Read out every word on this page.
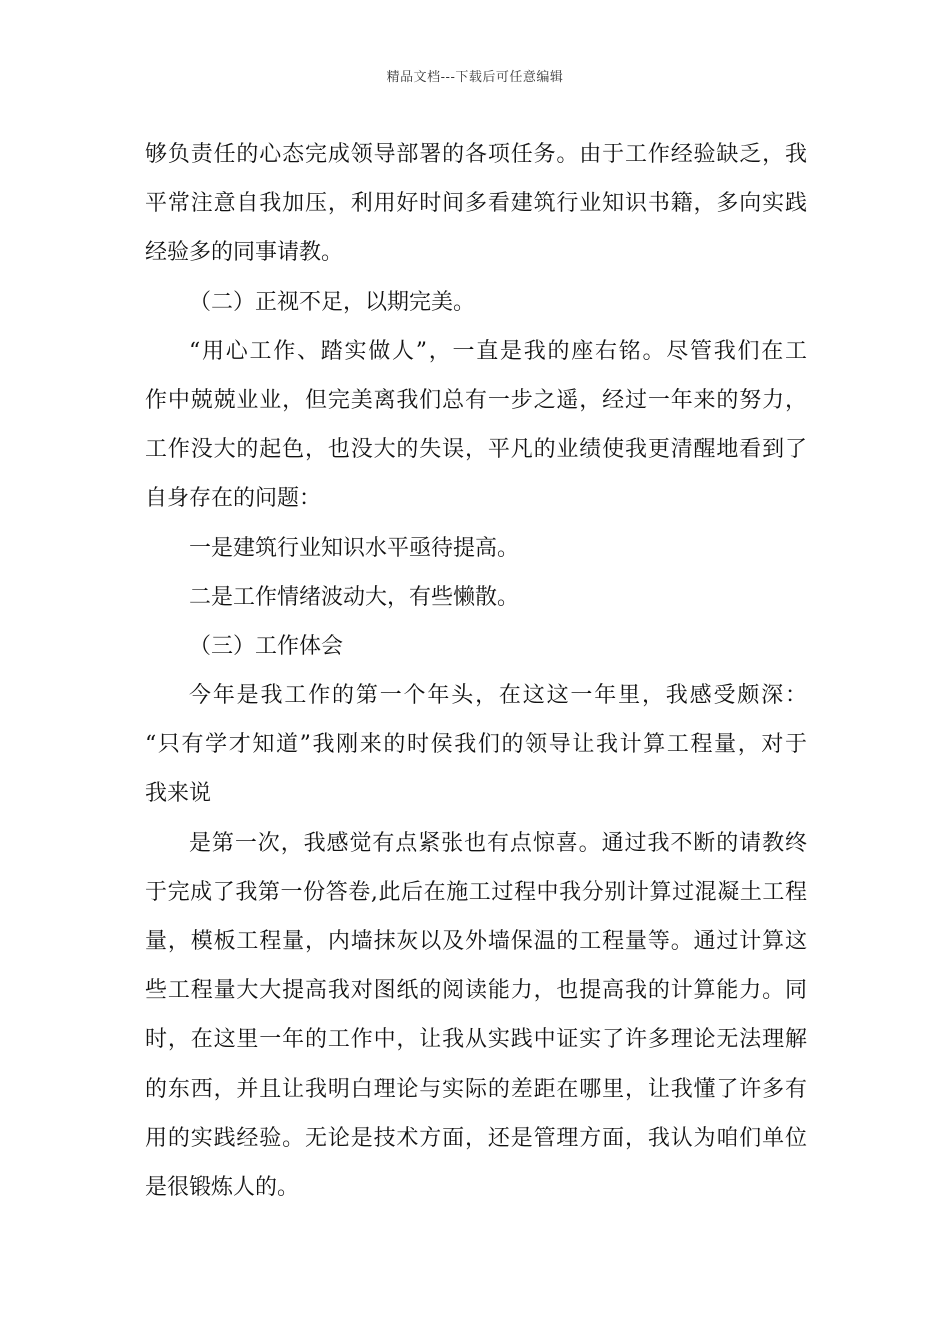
精品文档---下载后可任意编辑
够负责任的心态完成领导部署的各项任务。由于工作经验缺乏，我
平常注意自我加压，利用好时间多看建筑行业知识书籍，多向实践
经验多的同事请教。
（二）正视不足，以期完美。
“用心工作、踏实做人”，一直是我的座右铭。尽管我们在工
作中兢兢业业，但完美离我们总有一步之遥，经过一年来的努力，
工作没大的起色，也没大的失误，平凡的业绩使我更清醒地看到了
自身存在的问题：
一是建筑行业知识水平亟待提高。
二是工作情绪波动大，有些懒散。
（三）工作体会
今年是我工作的第一个年头，在这这一年里，我感受颇深：
“只有学才知道”我刚来的时侯我们的领导让我计算工程量，对于
我来说
是第一次，我感觉有点紧张也有点惊喜。通过我不断的请教终
于完成了我第一份答卷,此后在施工过程中我分别计算过混凝土工程
量，模板工程量，内墙抹灰以及外墙保温的工程量等。通过计算这
些工程量大大提高我对图纸的阅读能力，也提高我的计算能力。同
时，在这里一年的工作中，让我从实践中证实了许多理论无法理解
的东西，并且让我明白理论与实际的差距在哪里，让我懂了许多有
用的实践经验。无论是技术方面，还是管理方面，我认为咱们单位
是很锻炼人的。
